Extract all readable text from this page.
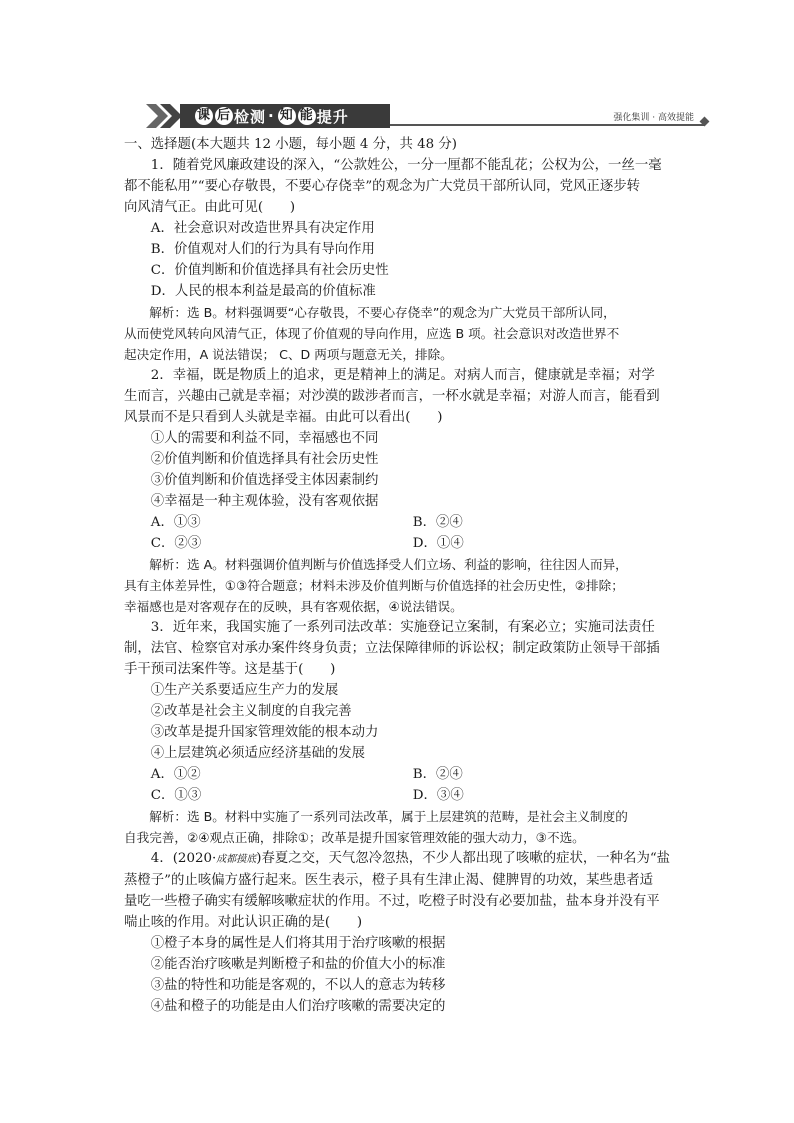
课 后 检测 · 知 能 提升	强化集训 · 高效提能

一、选择题(本大题共 12 小题，每小题 4 分，共 48 分)

1．随着党风廉政建设的深入，“公款姓公，一分一厘都不能乱花；公权为公，一丝一毫

都不能私用”“要心存敬畏，不要心存侥幸”的观念为广大党员干部所认同，党风正逐步转

向风清气正。由此可见(　　)

A．社会意识对改造世界具有决定作用

B．价值观对人们的行为具有导向作用

C．价值判断和价值选择具有社会历史性

D．人民的根本利益是最高的价值标准

解析：选 B。材料强调要“心存敬畏，不要心存侥幸”的观念为广大党员干部所认同，

从而使党风转向风清气正，体现了价值观的导向作用，应选 B 项。社会意识对改造世界不

起决定作用，A 说法错误； C、D 两项与题意无关，排除。

2．幸福，既是物质上的追求，更是精神上的满足。对病人而言，健康就是幸福；对学

生而言，兴趣由己就是幸福；对沙漠的跋涉者而言，一杯水就是幸福；对游人而言，能看到

风景而不是只看到人头就是幸福。由此可以看出(　　)

①人的需要和利益不同，幸福感也不同

②价值判断和价值选择具有社会历史性

③价值判断和价值选择受主体因素制约

④幸福是一种主观体验，没有客观依据

A．①③	B．②④
C．②③	D．①④

解析：选 A。材料强调价值判断与价值选择受人们立场、利益的影响，往往因人而异，

具有主体差异性，①③符合题意；材料未涉及价值判断与价值选择的社会历史性，②排除；

幸福感也是对客观存在的反映，具有客观依据，④说法错误。

3．近年来，我国实施了一系列司法改革：实施登记立案制，有案必立；实施司法责任

制，法官、检察官对承办案件终身负责；立法保障律师的诉讼权；制定政策防止领导干部插

手干预司法案件等。这是基于(　　)

①生产关系要适应生产力的发展

②改革是社会主义制度的自我完善

③改革是提升国家管理效能的根本动力

④上层建筑必须适应经济基础的发展

A．①②	B．②④
C．①③	D．③④

解析：选 B。材料中实施了一系列司法改革，属于上层建筑的范畴，是社会主义制度的

自我完善，②④观点正确，排除①；改革是提升国家管理效能的强大动力，③不选。

4．(2020·成都摸底)春夏之交，天气忽冷忽热，不少人都出现了咳嗽的症状，一种名为“盐

蒸橙子”的止咳偏方盛行起来。医生表示，橙子具有生津止渴、健脾胃的功效，某些患者适

量吃一些橙子确实有缓解咳嗽症状的作用。不过，吃橙子时没有必要加盐，盐本身并没有平

喘止咳的作用。对此认识正确的是(　　)

①橙子本身的属性是人们将其用于治疗咳嗽的根据

②能否治疗咳嗽是判断橙子和盐的价值大小的标准

③盐的特性和功能是客观的，不以人的意志为转移

④盐和橙子的功能是由人们治疗咳嗽的需要决定的
